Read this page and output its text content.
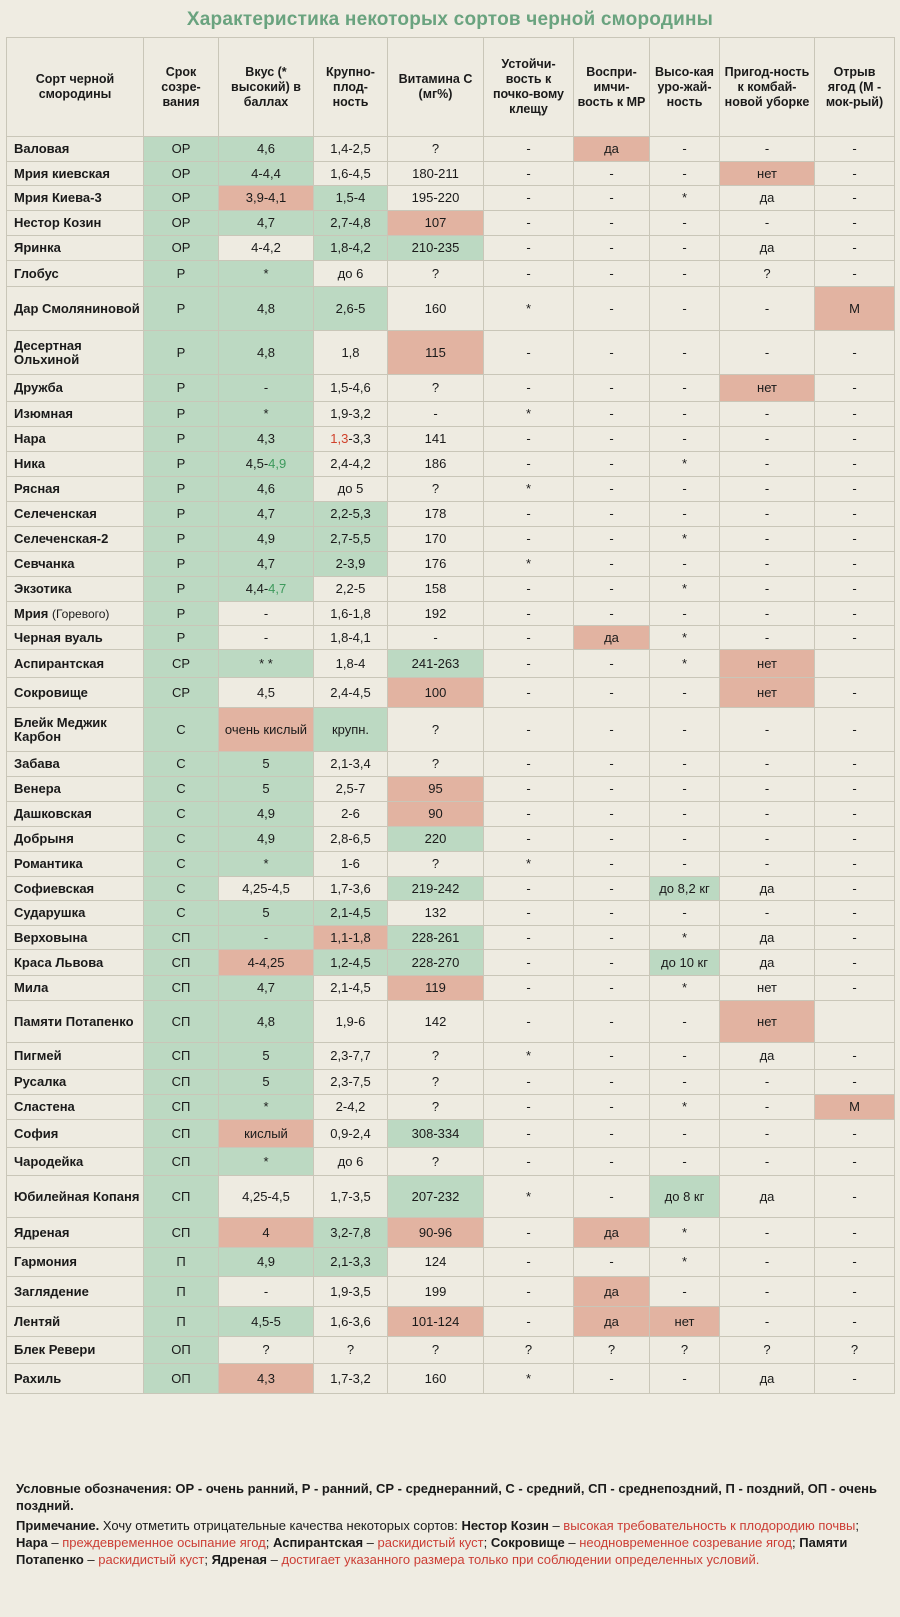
Характеристика некоторых сортов черной смородины
Сорт черной смородины	Срок созре-вания	Вкус (* высокий) в баллах	Крупно-плод-ность	Витамина С (мг%)	Устойчи-вость к почко-вому клещу	Воспри-имчи-вость к МР	Высо-кая уро-жай-ность	Пригод-ность к комбай-новой уборке	Отрыв ягод (М - мок-рый)
Валовая	ОР	4,6	1,4-2,5	?	-	да	-	-	-
Мрия киевская	ОР	4-4,4	1,6-4,5	180-211	-	-	-	нет	-
Мрия Киева-3	ОР	3,9-4,1	1,5-4	195-220	-	-	*	да	-
Нестор Козин	ОР	4,7	2,7-4,8	107	-	-	-	-	-
Яринка	ОР	4-4,2	1,8-4,2	210-235	-	-	-	да	-
Глобус	Р	*	до 6	?	-	-	-	?	-
Дар Смоляниновой	Р	4,8	2,6-5	160	*	-	-	-	М
Десертная Ольхиной	Р	4,8	1,8	115	-	-	-	-	-
Дружба	Р	-	1,5-4,6	?	-	-	-	нет	-
Изюмная	Р	*	1,9-3,2	-	*	-	-	-	-
Нара	Р	4,3	1,3-3,3	141	-	-	-	-	-
Ника	Р	4,5-4,9	2,4-4,2	186	-	-	*	-	-
Рясная	Р	4,6	до 5	?	*	-	-	-	-
Селеченская	Р	4,7	2,2-5,3	178	-	-	-	-	-
Селеченская-2	Р	4,9	2,7-5,5	170	-	-	*	-	-
Севчанка	Р	4,7	2-3,9	176	*	-	-	-	-
Экзотика	Р	4,4-4,7	2,2-5	158	-	-	*	-	-
Мрия (Горевого)	Р	-	1,6-1,8	192	-	-	-	-	-
Черная вуаль	Р	-	1,8-4,1	-	-	да	*	-	-
Аспирантская	СР	* *	1,8-4	241-263	-	-	*	нет	
Сокровище	СР	4,5	2,4-4,5	100	-	-	-	нет	-
Блейк Меджик Карбон	С	очень кислый	крупн.	?	-	-	-	-	-
Забава	С	5	2,1-3,4	?	-	-	-	-	-
Венера	С	5	2,5-7	95	-	-	-	-	-
Дашковская	С	4,9	2-6	90	-	-	-	-	-
Добрыня	С	4,9	2,8-6,5	220	-	-	-	-	-
Романтика	С	*	1-6	?	*	-	-	-	-
Софиевская	С	4,25-4,5	1,7-3,6	219-242	-	-	до 8,2 кг	да	-
Сударушка	С	5	2,1-4,5	132	-	-	-	-	-
Верховына	СП	-	1,1-1,8	228-261	-	-	*	да	-
Краса Львова	СП	4-4,25	1,2-4,5	228-270	-	-	до 10 кг	да	-
Мила	СП	4,7	2,1-4,5	119	-	-	*	нет	-
Памяти Потапенко	СП	4,8	1,9-6	142	-	-	-	нет	
Пигмей	СП	5	2,3-7,7	?	*	-	-	да	-
Русалка	СП	5	2,3-7,5	?	-	-	-	-	-
Сластена	СП	*	2-4,2	?	-	-	*	-	М
София	СП	кислый	0,9-2,4	308-334	-	-	-	-	-
Чародейка	СП	*	до 6	?	-	-	-	-	-
Юбилейная Копаня	СП	4,25-4,5	1,7-3,5	207-232	*	-	до 8 кг	да	-
Ядреная	СП	4	3,2-7,8	90-96	-	да	*	-	-
Гармония	П	4,9	2,1-3,3	124	-	-	*	-	-
Заглядение	П	-	1,9-3,5	199	-	да	-	-	-
Лентяй	П	4,5-5	1,6-3,6	101-124	-	да	нет	-	-
Блек Ревери	ОП	?	?	?	?	?	?	?	?
Рахиль	ОП	4,3	1,7-3,2	160	*	-	-	да	-
Условные обозначения: ОР - очень ранний, Р - ранний, СР - среднеранний, С - средний, СП - среднепоздний, П - поздний, ОП - очень поздний.
Примечание. Хочу отметить отрицательные качества некоторых сортов: Нестор Козин – высокая требовательность к плодородию почвы; Нара – преждевременное осыпание ягод; Аспирантская – раскидистый куст; Сокровище – неодновременное созревание ягод; Памяти Потапенко – раскидистый куст; Ядреная – достигает указанного размера только при соблюдении определенных условий.
